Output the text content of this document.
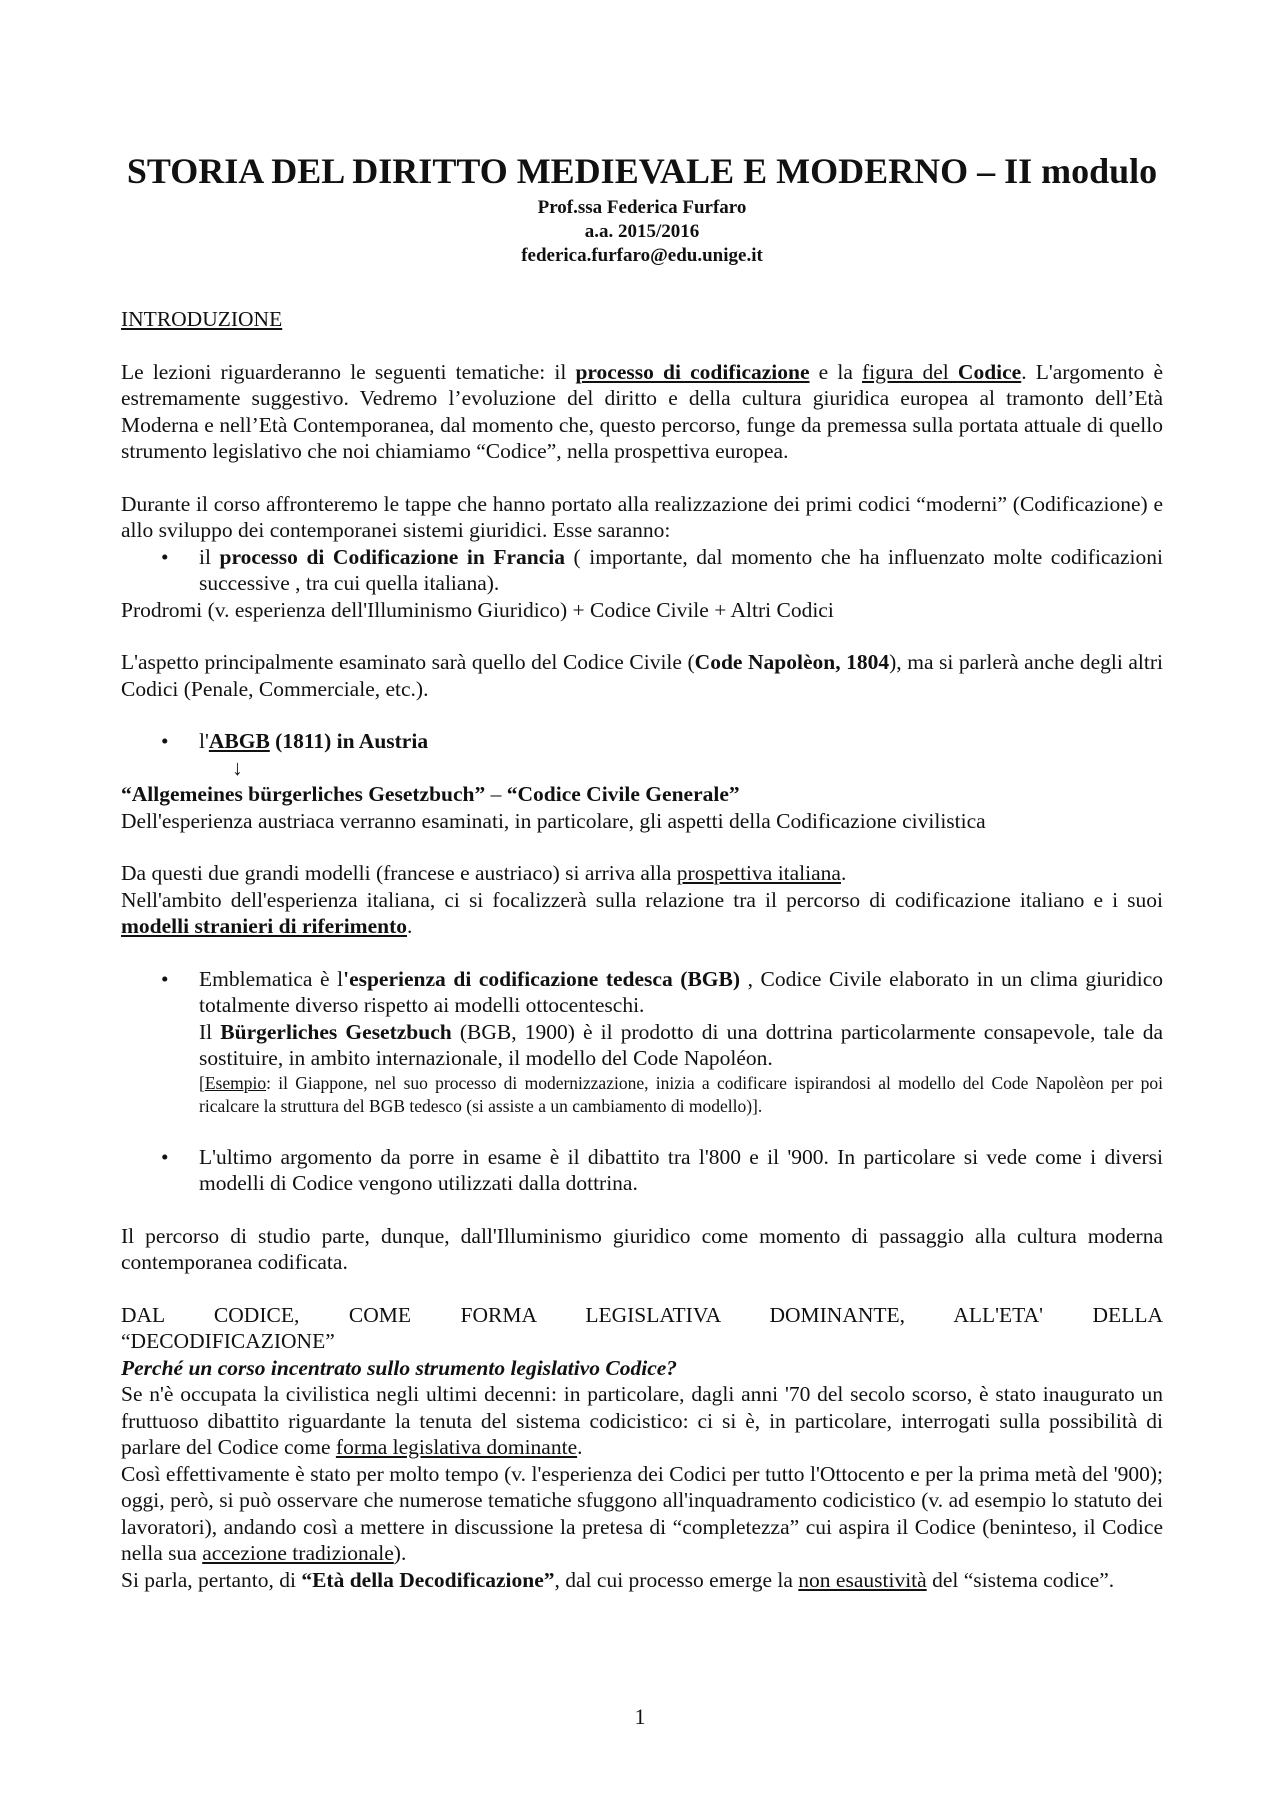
STORIA DEL DIRITTO MEDIEVALE E MODERNO – II modulo
Prof.ssa Federica Furfaro
a.a. 2015/2016
federica.furfaro@edu.unige.it

INTRODUZIONE

Le lezioni riguarderanno le seguenti tematiche: il processo di codificazione e la figura del Codice. L'argomento è estremamente suggestivo. Vedremo l’evoluzione del diritto e della cultura giuridica europea al tramonto dell’Età Moderna e nell’Età Contemporanea, dal momento che, questo percorso, funge da premessa sulla portata attuale di quello strumento legislativo che noi chiamiamo “Codice”, nella prospettiva europea.

Durante il corso affronteremo le tappe che hanno portato alla realizzazione dei primi codici “moderni” (Codificazione) e allo sviluppo dei contemporanei sistemi giuridici. Esse saranno:

• il processo di Codificazione in Francia ( importante, dal momento che ha influenzato molte codificazioni successive , tra cui quella italiana).

Prodromi (v. esperienza dell'Illuminismo Giuridico) + Codice Civile + Altri Codici

L'aspetto principalmente esaminato sarà quello del Codice Civile (Code Napolèon, 1804), ma si parlerà anche degli altri Codici (Penale, Commerciale, etc.).

• l'ABGB (1811) in Austria

↓

“Allgemeines bürgerliches Gesetzbuch” – “Codice Civile Generale”

Dell'esperienza austriaca verranno esaminati, in particolare, gli aspetti della Codificazione civilistica

Da questi due grandi modelli (francese e austriaco) si arriva alla prospettiva italiana.

Nell'ambito dell'esperienza italiana, ci si focalizzerà sulla relazione tra il percorso di codificazione italiano e i suoi modelli stranieri di riferimento.

• Emblematica è l'esperienza di codificazione tedesca (BGB) , Codice Civile elaborato in un clima giuridico totalmente diverso rispetto ai modelli ottocenteschi.
Il Bürgerliches Gesetzbuch (BGB, 1900) è il prodotto di una dottrina particolarmente consapevole, tale da sostituire, in ambito internazionale, il modello del Code Napoléon.
[Esempio: il Giappone, nel suo processo di modernizzazione, inizia a codificare ispirandosi al modello del Code Napolèon per poi ricalcare la struttura del BGB tedesco (si assiste a un cambiamento di modello)].
• L'ultimo argomento da porre in esame è il dibattito tra l'800 e il '900. In particolare si vede come i diversi modelli di Codice vengono utilizzati dalla dottrina.

Il percorso di studio parte, dunque, dall'Illuminismo giuridico come momento di passaggio alla cultura moderna contemporanea codificata.

DAL CODICE, COME FORMA LEGISLATIVA DOMINANTE, ALL'ETA' DELLA

“DECODIFICAZIONE”

Perché un corso incentrato sullo strumento legislativo Codice?

Se n'è occupata la civilistica negli ultimi decenni: in particolare, dagli anni '70 del secolo scorso, è stato inaugurato un fruttuoso dibattito riguardante la tenuta del sistema codicistico: ci si è, in particolare, interrogati sulla possibilità di parlare del Codice come forma legislativa dominante.

Così effettivamente è stato per molto tempo (v. l'esperienza dei Codici per tutto l'Ottocento e per la prima metà del '900); oggi, però, si può osservare che numerose tematiche sfuggono all'inquadramento codicistico (v. ad esempio lo statuto dei lavoratori), andando così a mettere in discussione la pretesa di “completezza” cui aspira il Codice (beninteso, il Codice nella sua accezione tradizionale).

Si parla, pertanto, di “Età della Decodificazione”, dal cui processo emerge la non esaustività del “sistema codice”.

1
